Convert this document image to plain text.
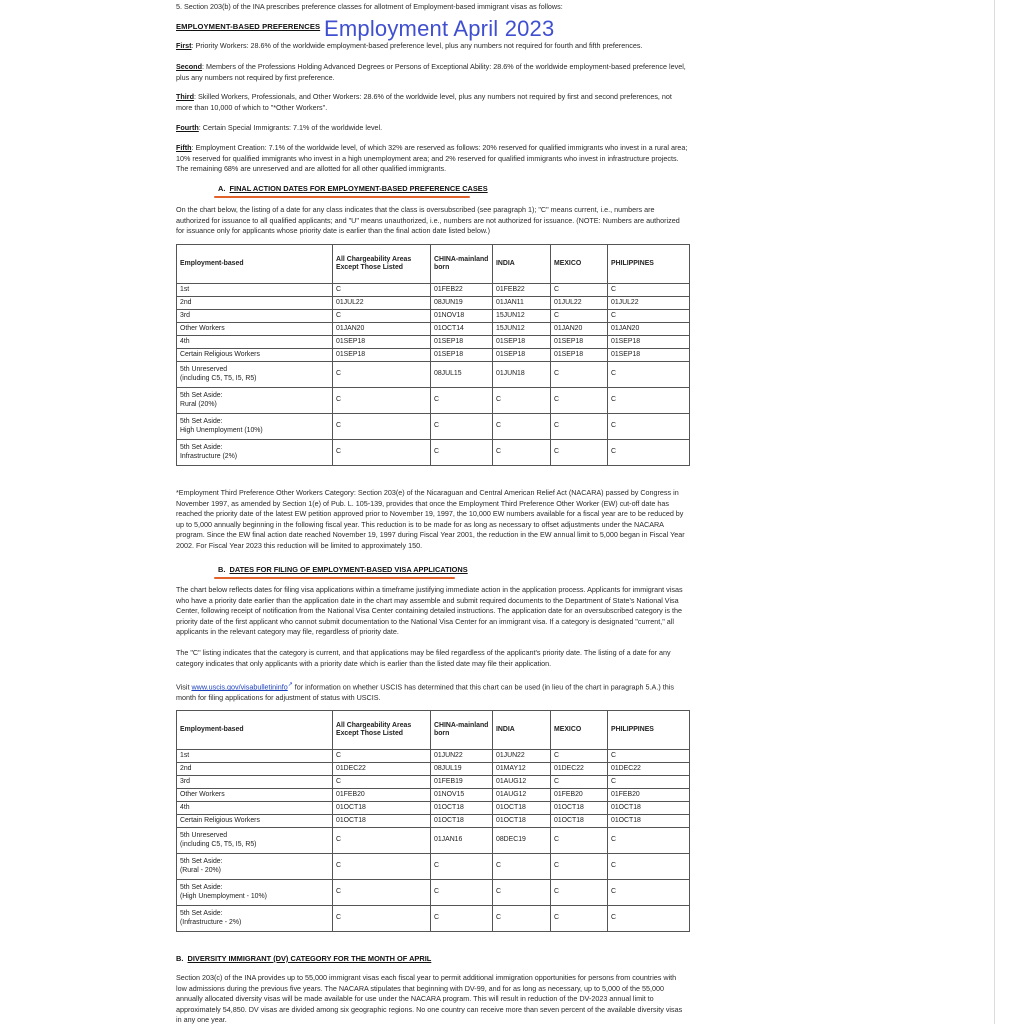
5. Section 203(b) of the INA prescribes preference classes for allotment of Employment-based immigrant visas as follows:

EMPLOYMENT-BASED PREFERENCES Employment April 2023

First: Priority Workers: 28.6% of the worldwide employment-based preference level, plus any numbers not required for fourth and fifth preferences.

Second: Members of the Professions Holding Advanced Degrees or Persons of Exceptional Ability: 28.6% of the worldwide employment-based preference level, plus any numbers not required by first preference.

Third: Skilled Workers, Professionals, and Other Workers: 28.6% of the worldwide level, plus any numbers not required by first and second preferences, not more than 10,000 of which to "*Other Workers".

Fourth: Certain Special Immigrants: 7.1% of the worldwide level.

Fifth: Employment Creation: 7.1% of the worldwide level, of which 32% are reserved as follows: 20% reserved for qualified immigrants who invest in a rural area; 10% reserved for qualified immigrants who invest in a high unemployment area; and 2% reserved for qualified immigrants who invest in infrastructure projects. The remaining 68% are unreserved and are allotted for all other qualified immigrants.

A. FINAL ACTION DATES FOR EMPLOYMENT-BASED PREFERENCE CASES

On the chart below, the listing of a date for any class indicates that the class is oversubscribed (see paragraph 1); "C" means current, i.e., numbers are authorized for issuance to all qualified applicants; and "U" means unauthorized, i.e., numbers are not authorized for issuance. (NOTE: Numbers are authorized for issuance only for applicants whose priority date is earlier than the final action date listed below.)

Employment-based	All Chargeability Areas Except Those Listed	CHINA-mainland born	INDIA	MEXICO	PHILIPPINES
1st	C	01FEB22	01FEB22	C	C
2nd	01JUL22	08JUN19	01JAN11	01JUL22	01JUL22
3rd	C	01NOV18	15JUN12	C	C
Other Workers	01JAN20	01OCT14	15JUN12	01JAN20	01JAN20
4th	01SEP18	01SEP18	01SEP18	01SEP18	01SEP18
Certain Religious Workers	01SEP18	01SEP18	01SEP18	01SEP18	01SEP18
5th Unreserved
(including C5, T5, I5, R5)	C	08JUL15	01JUN18	C	C
5th Set Aside:
Rural (20%)	C	C	C	C	C
5th Set Aside:
High Unemployment (10%)	C	C	C	C	C
5th Set Aside:
Infrastructure (2%)	C	C	C	C	C

*Employment Third Preference Other Workers Category: Section 203(e) of the Nicaraguan and Central American Relief Act (NACARA) passed by Congress in November 1997, as amended by Section 1(e) of Pub. L. 105-139, provides that once the Employment Third Preference Other Worker (EW) cut-off date has reached the priority date of the latest EW petition approved prior to November 19, 1997, the 10,000 EW numbers available for a fiscal year are to be reduced by up to 5,000 annually beginning in the following fiscal year. This reduction is to be made for as long as necessary to offset adjustments under the NACARA program. Since the EW final action date reached November 19, 1997 during Fiscal Year 2001, the reduction in the EW annual limit to 5,000 began in Fiscal Year 2002. For Fiscal Year 2023 this reduction will be limited to approximately 150.

B. DATES FOR FILING OF EMPLOYMENT-BASED VISA APPLICATIONS

The chart below reflects dates for filing visa applications within a timeframe justifying immediate action in the application process. Applicants for immigrant visas who have a priority date earlier than the application date in the chart may assemble and submit required documents to the Department of State's National Visa Center, following receipt of notification from the National Visa Center containing detailed instructions. The application date for an oversubscribed category is the priority date of the first applicant who cannot submit documentation to the National Visa Center for an immigrant visa. If a category is designated "current," all applicants in the relevant category may file, regardless of priority date.

The "C" listing indicates that the category is current, and that applications may be filed regardless of the applicant's priority date. The listing of a date for any category indicates that only applicants with a priority date which is earlier than the listed date may file their application.

Visit www.uscis.gov/visabulletininfo↗ for information on whether USCIS has determined that this chart can be used (in lieu of the chart in paragraph 5.A.) this month for filing applications for adjustment of status with USCIS.

Employment-based	All Chargeability Areas Except Those Listed	CHINA-mainland born	INDIA	MEXICO	PHILIPPINES
1st	C	01JUN22	01JUN22	C	C
2nd	01DEC22	08JUL19	01MAY12	01DEC22	01DEC22
3rd	C	01FEB19	01AUG12	C	C
Other Workers	01FEB20	01NOV15	01AUG12	01FEB20	01FEB20
4th	01OCT18	01OCT18	01OCT18	01OCT18	01OCT18
Certain Religious Workers	01OCT18	01OCT18	01OCT18	01OCT18	01OCT18
5th Unreserved
(including C5, T5, I5, R5)	C	01JAN16	08DEC19	C	C
5th Set Aside:
(Rural - 20%)	C	C	C	C	C
5th Set Aside:
(High Unemployment - 10%)	C	C	C	C	C
5th Set Aside:
(Infrastructure - 2%)	C	C	C	C	C
B. DIVERSITY IMMIGRANT (DV) CATEGORY FOR THE MONTH OF APRIL

Section 203(c) of the INA provides up to 55,000 immigrant visas each fiscal year to permit additional immigration opportunities for persons from countries with low admissions during the previous five years. The NACARA stipulates that beginning with DV-99, and for as long as necessary, up to 5,000 of the 55,000 annually allocated diversity visas will be made available for use under the NACARA program. This will result in reduction of the DV-2023 annual limit to approximately 54,850. DV visas are divided among six geographic regions. No one country can receive more than seven percent of the available diversity visas in any one year.
